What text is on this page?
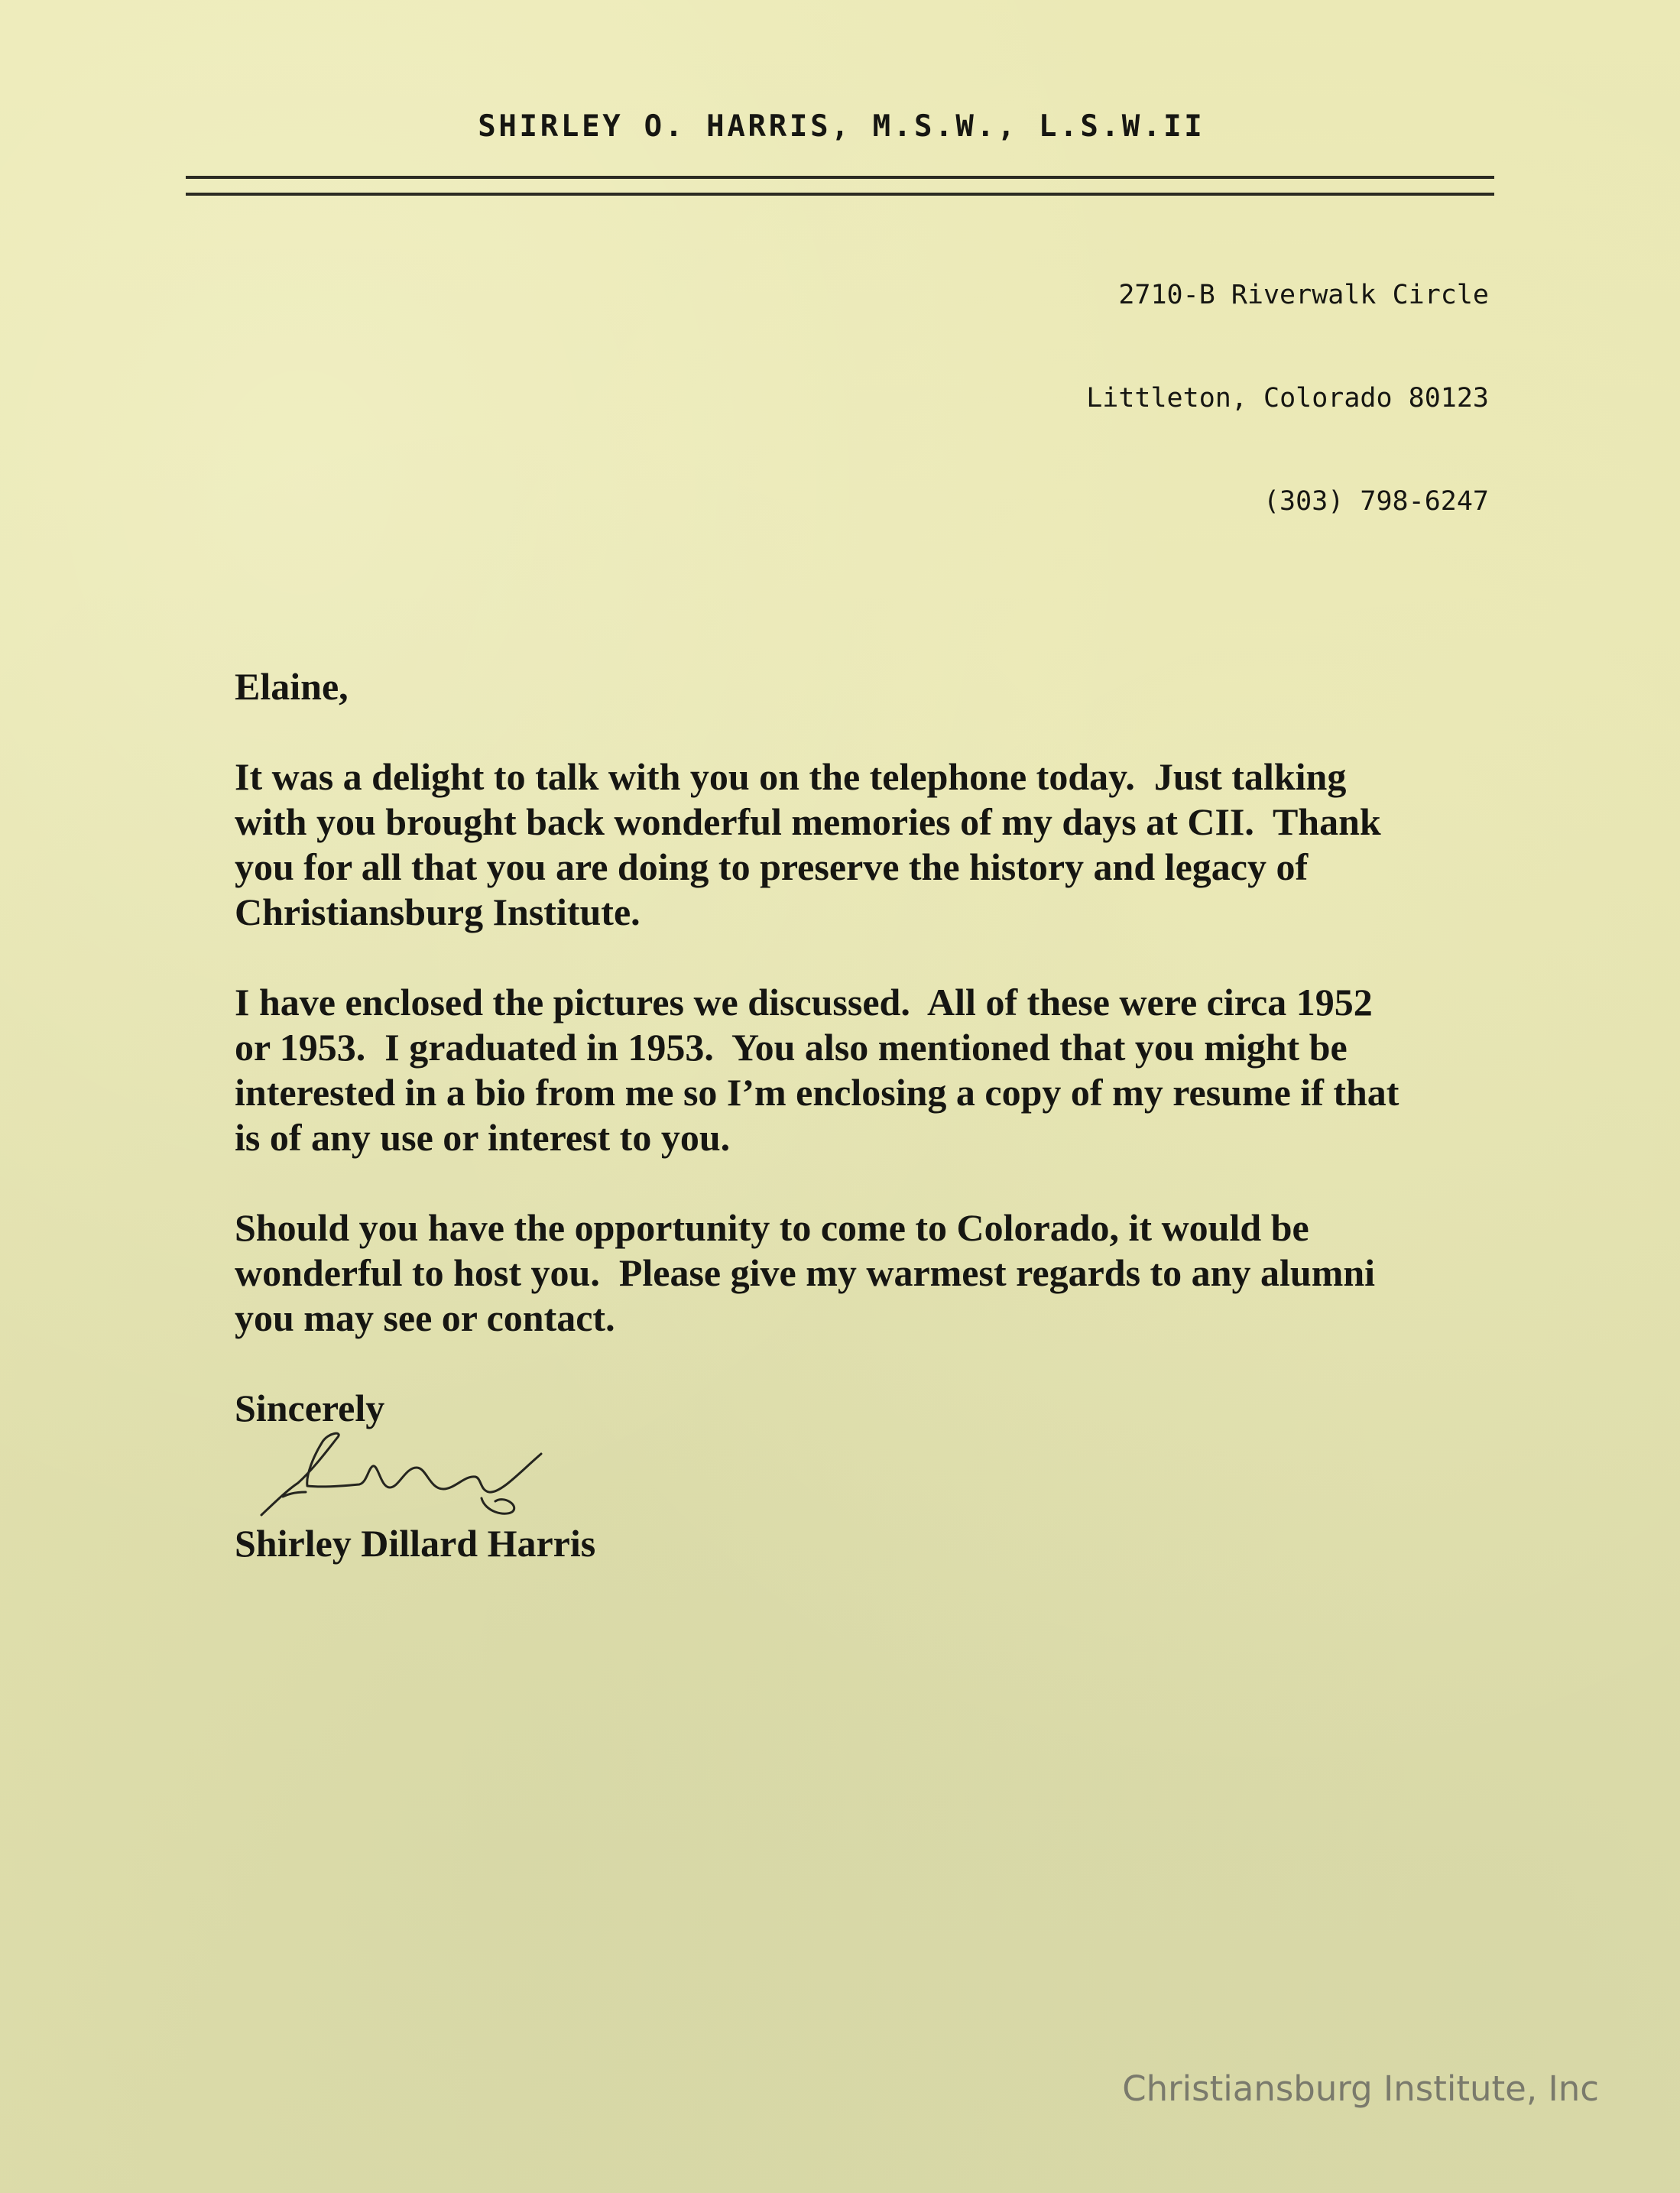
SHIRLEY O. HARRIS, M.S.W., L.S.W.II

2710-B Riverwalk Circle

Littleton, Colorado 80123

(303) 798-6247

Elaine,
It was a delight to talk with you on the telephone today.  Just talking
with you brought back wonderful memories of my days at CII.  Thank
you for all that you are doing to preserve the history and legacy of
Christiansburg Institute.
I have enclosed the pictures we discussed.  All of these were circa 1952
or 1953.  I graduated in 1953.  You also mentioned that you might be
interested in a bio from me so I’m enclosing a copy of my resume if that
is of any use or interest to you.
Should you have the opportunity to come to Colorado, it would be
wonderful to host you.  Please give my warmest regards to any alumni
you may see or contact.
Sincerely
Shirley Dillard Harris
Christiansburg Institute, Inc
